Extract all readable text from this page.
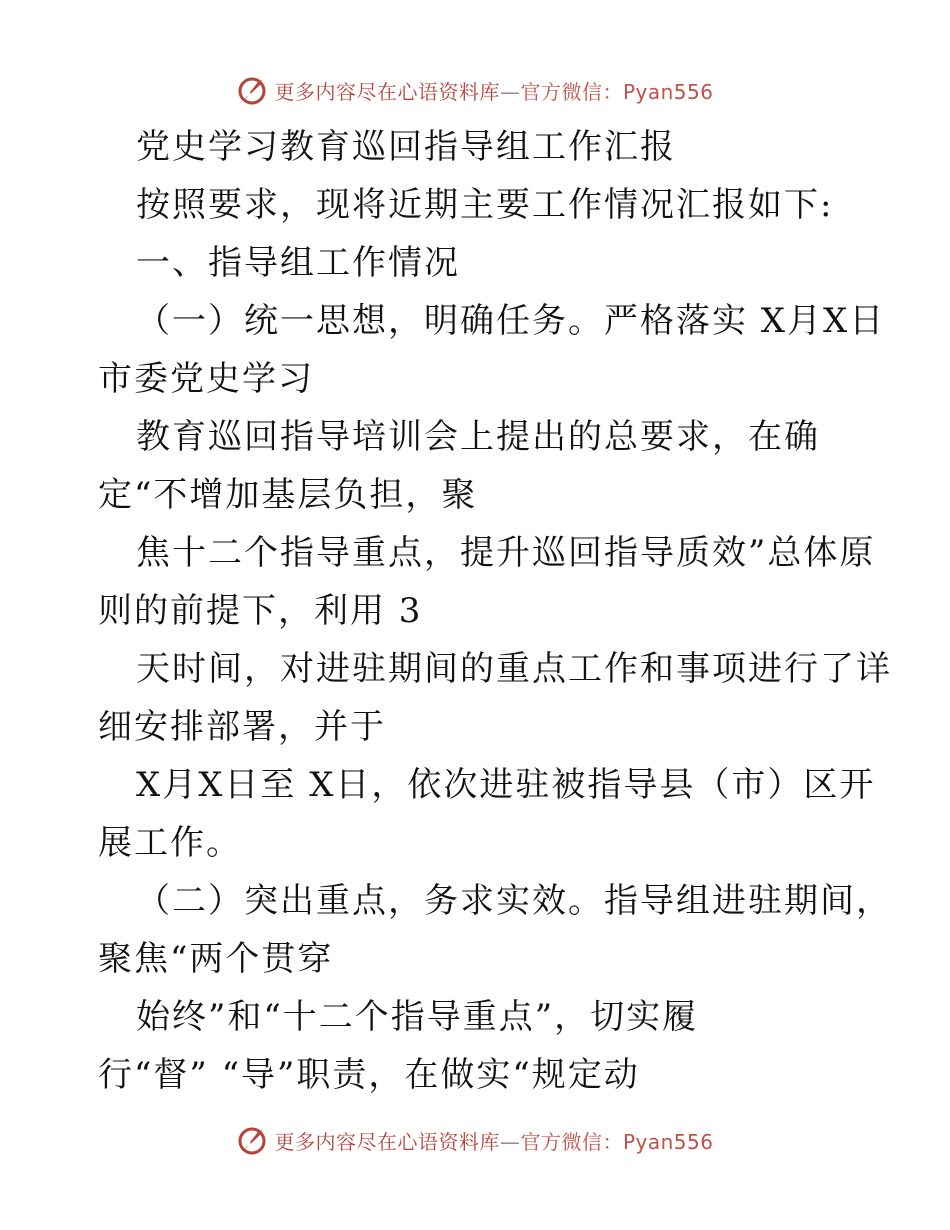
更多内容尽在心语资料库—官方微信：Pyan556
党史学习教育巡回指导组工作汇报
按照要求，现将近期主要工作情况汇报如下:
一、指导组工作情况
（一）统一思想，明确任务。严格落实 X月X日
市委党史学习
教育巡回指导培训会上提出的总要求，在确
定“不增加基层负担，聚
焦十二个指导重点，提升巡回指导质效”总体原
则的前提下，利用 3
天时间，对进驻期间的重点工作和事项进行了详
细安排部署，并于
X月X日至 X日，依次进驻被指导县（市）区开
展工作。
（二）突出重点，务求实效。指导组进驻期间，
聚焦“两个贯穿
始终”和“十二个指导重点”，切实履
行“督” “导”职责，在做实“规定动
更多内容尽在心语资料库—官方微信：Pyan556
